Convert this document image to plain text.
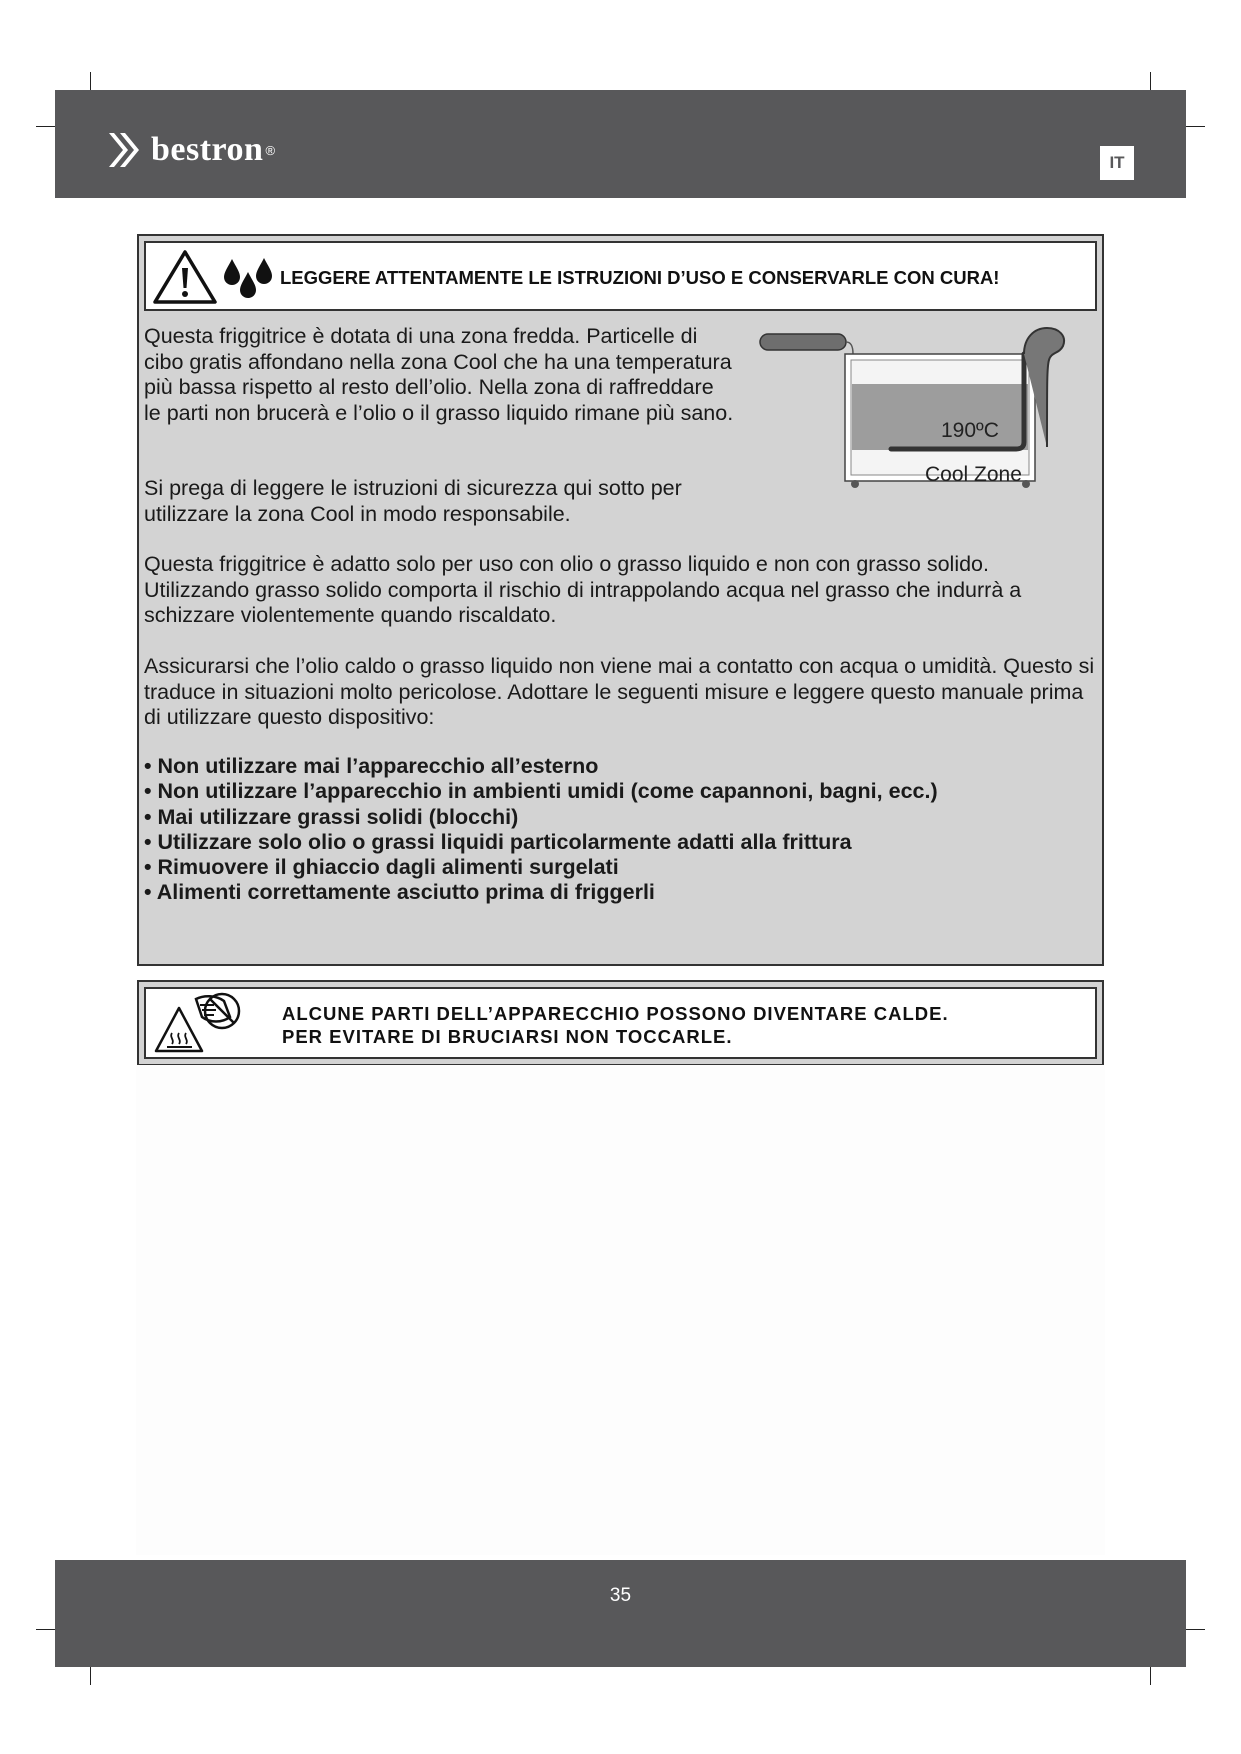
bestron ®
IT
LEGGERE ATTENTAMENTE LE ISTRUZIONI D’USO E CONSERVARLE CON CURA!

Questa friggitrice è dotata di una zona fredda. Particelle di cibo gratis affondano nella zona Cool che ha una temperatura più bassa rispetto al resto dell’olio. Nella zona di raffreddare le parti non brucerà e l’olio o il grasso liquido rimane più sano.

Si prega di leggere le istruzioni di sicurezza qui sotto per utilizzare la zona Cool in modo responsabile.

190ºC
Cool Zone

Questa friggitrice è adatto solo per uso con olio o grasso liquido e non con grasso solido. Utilizzando grasso solido comporta il rischio di intrappolando acqua nel grasso che indurrà a schizzare violentemente quando riscaldato.

Assicurarsi che l’olio caldo o grasso liquido non viene mai a contatto con acqua o umidità. Questo si traduce in situazioni molto pericolose. Adottare le seguenti misure e leggere questo manuale prima di utilizzare questo dispositivo:

• Non utilizzare mai l’apparecchio all’esterno
• Non utilizzare l’apparecchio in ambienti umidi (come capannoni, bagni, ecc.)
• Mai utilizzare grassi solidi (blocchi)
• Utilizzare solo olio o grassi liquidi particolarmente adatti alla frittura
• Rimuovere il ghiaccio dagli alimenti surgelati
• Alimenti correttamente asciutto prima di friggerli
ALCUNE PARTI DELL’APPARECCHIO POSSONO DIVENTARE CALDE.
PER EVITARE DI BRUCIARSI NON TOCCARLE.
35
